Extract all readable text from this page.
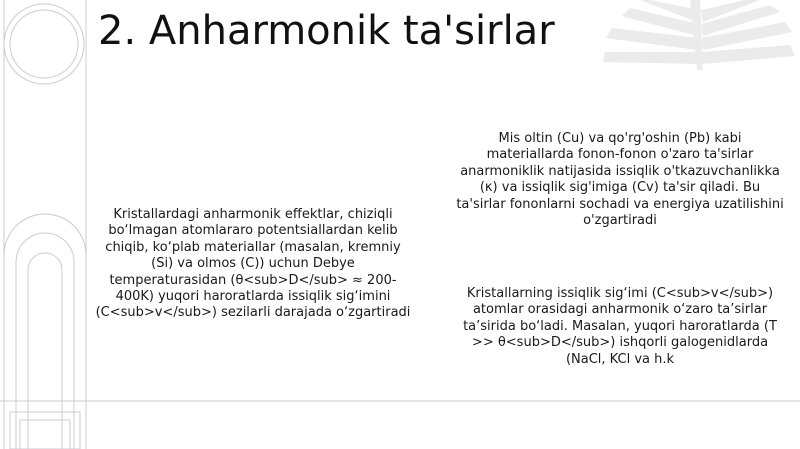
2. Anharmonik ta'sirlar

Kristallardagi anharmonik effektlar, chiziqli bo‘lmagan atomlararo potentsiallardan kelib chiqib, ko‘plab materiallar (masalan, kremniy (Si) va olmos (C)) uchun Debye temperaturasidan (θ<sub>D</sub> ≈ 200-400K) yuqori haroratlarda issiqlik sig‘imini (C<sub>v</sub>) sezilarli darajada o‘zgartiradi

Mis oltin (Cu) va qo'rg'oshin (Pb) kabi materiallarda fonon-fonon o'zaro ta'sirlar anarmoniklik natijasida issiqlik o'tkazuvchanlikka (κ) va issiqlik sig'imiga (Cv) ta'sir qiladi. Bu ta'sirlar fononlarni sochadi va energiya uzatilishini o'zgartiradi

Kristallarning issiqlik sig‘imi (C<sub>v</sub>) atomlar orasidagi anharmonik o‘zaro ta’sirlar ta’sirida bo‘ladi. Masalan, yuqori haroratlarda (T >> θ<sub>D</sub>) ishqorli galogenidlarda (NaCl, KCl va h.k
